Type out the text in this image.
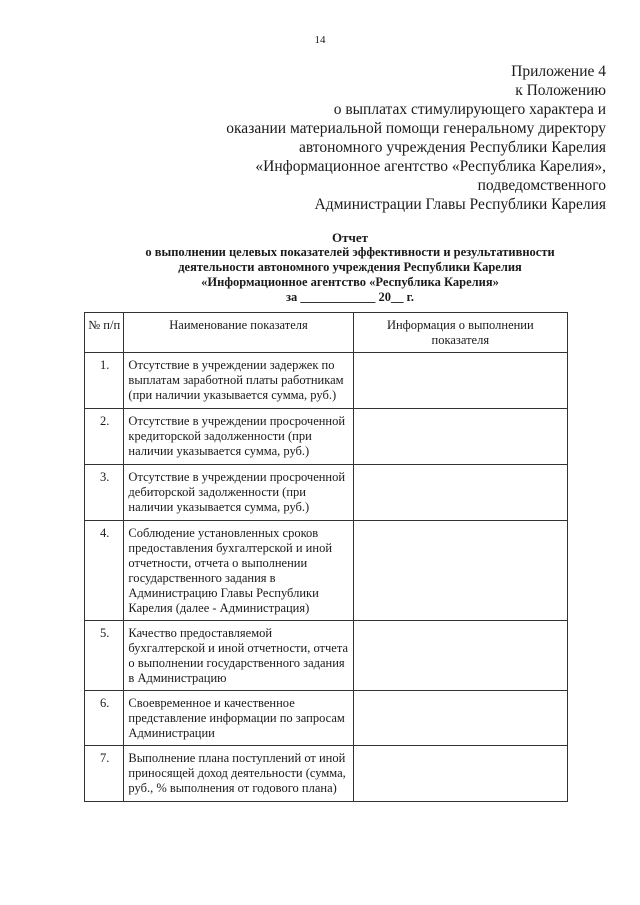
14
Приложение 4
к Положению
о выплатах стимулирующего характера и
оказании материальной помощи генеральному директору
автономного учреждения Республики Карелия
«Информационное агентство «Республика Карелия»,
подведомственного
Администрации Главы Республики Карелия
Отчет
о выполнении целевых показателей эффективности и результативности
деятельности автономного учреждения Республики Карелия
«Информационное агентство «Республика Карелия»
за ____________ 20__ г.
№ п/п	Наименование показателя	Информация о выполнении показателя
1.	Отсутствие в учреждении задержек по выплатам заработной платы работникам (при наличии указывается сумма, руб.)	
2.	Отсутствие в учреждении просроченной кредиторской задолженности (при наличии указывается сумма, руб.)	
3.	Отсутствие в учреждении просроченной дебиторской задолженности (при наличии указывается сумма, руб.)	
4.	Соблюдение установленных сроков предоставления бухгалтерской и иной отчетности, отчета о выполнении государственного задания в Администрацию Главы Республики Карелия (далее - Администрация)	
5.	Качество предоставляемой бухгалтерской и иной отчетности, отчета о выполнении государственного задания в Администрацию	
6.	Своевременное и качественное представление информации по запросам Администрации	
7.	Выполнение плана поступлений от иной приносящей доход деятельности (сумма, руб., % выполнения от годового плана)	
